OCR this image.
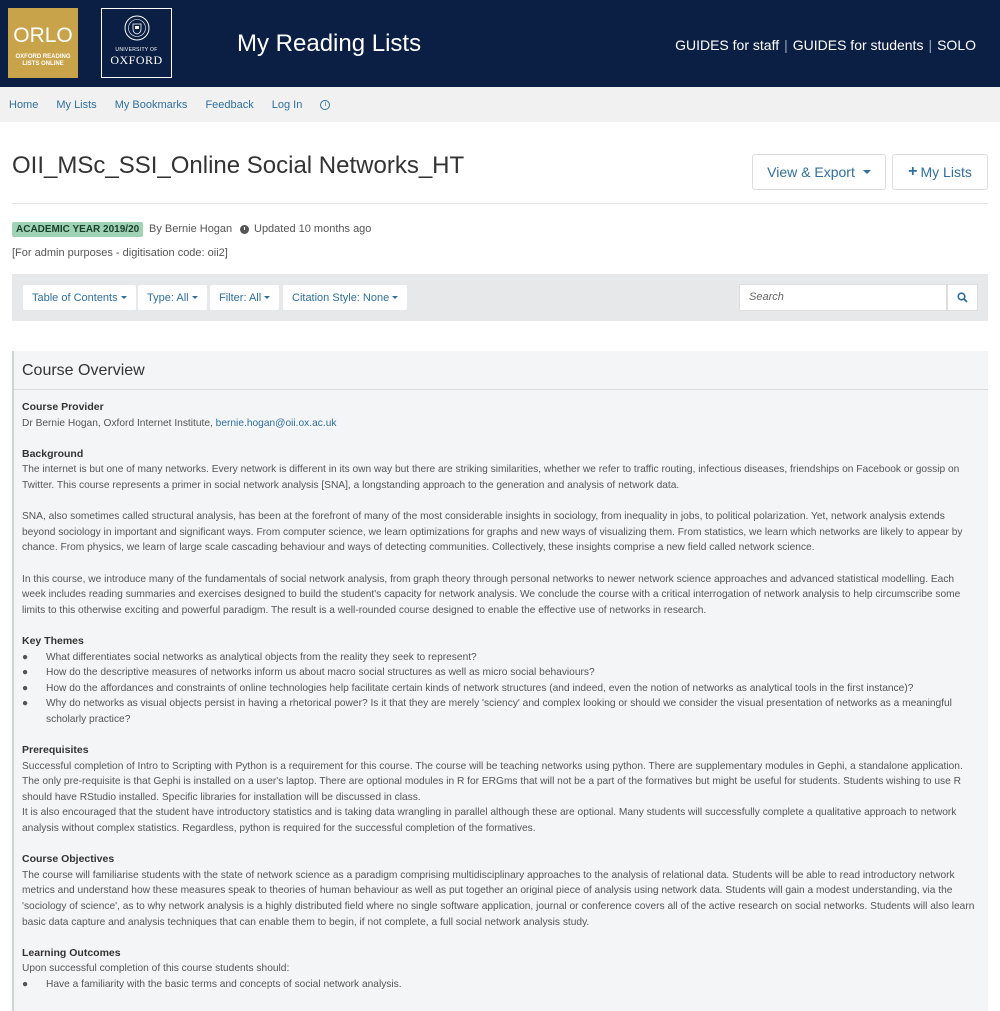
ORLO
OXFORD READING
LISTS ONLINE
UNIVERSITY OF
OXFORD
My Reading Lists	GUIDES for staff | GUIDES for students | SOLO
Home My Lists My Bookmarks Feedback Log In	i
OII_MSc_SSI_Online Social Networks_HT	View & Export	+ My Lists
ACADEMIC YEAR 2019/20 By Bernie Hogan Updated 10 months ago
[For admin purposes - digitisation code: oii2]
Table of Contents	Type: All	Filter: All	Citation Style: None	Search
Course Overview
Course Provider

Dr Bernie Hogan, Oxford Internet Institute, bernie.hogan@oii.ox.ac.uk

Background

The internet is but one of many networks. Every network is different in its own way but there are striking similarities, whether we refer to traffic routing, infectious diseases, friendships on Facebook or gossip on Twitter. This course represents a primer in social network analysis [SNA], a longstanding approach to the generation and analysis of network data.

SNA, also sometimes called structural analysis, has been at the forefront of many of the most considerable insights in sociology, from inequality in jobs, to political polarization. Yet, network analysis extends beyond sociology in important and significant ways. From computer science, we learn optimizations for graphs and new ways of visualizing them. From statistics, we learn which networks are likely to appear by chance. From physics, we learn of large scale cascading behaviour and ways of detecting communities. Collectively, these insights comprise a new field called network science.

In this course, we introduce many of the fundamentals of social network analysis, from graph theory through personal networks to newer network science approaches and advanced statistical modelling. Each week includes reading summaries and exercises designed to build the student's capacity for network analysis. We conclude the course with a critical interrogation of network analysis to help circumscribe some limits to this otherwise exciting and powerful paradigm. The result is a well-rounded course designed to enable the effective use of networks in research.

Key Themes
●	What differentiates social networks as analytical objects from the reality they seek to represent?
●	How do the descriptive measures of networks inform us about macro social structures as well as micro social behaviours?
●	How do the affordances and constraints of online technologies help facilitate certain kinds of network structures (and indeed, even the notion of networks as analytical tools in the first instance)?
●	Why do networks as visual objects persist in having a rhetorical power? Is it that they are merely 'sciency' and complex looking or should we consider the visual presentation of networks as a meaningful scholarly practice?
Prerequisites

Successful completion of Intro to Scripting with Python is a requirement for this course. The course will be teaching networks using python. There are supplementary modules in Gephi, a standalone application. The only pre-requisite is that Gephi is installed on a user's laptop. There are optional modules in R for ERGms that will not be a part of the formatives but might be useful for students. Students wishing to use R should have RStudio installed. Specific libraries for installation will be discussed in class.

It is also encouraged that the student have introductory statistics and is taking data wrangling in parallel although these are optional. Many students will successfully complete a qualitative approach to network analysis without complex statistics. Regardless, python is required for the successful completion of the formatives.

Course Objectives

The course will familiarise students with the state of network science as a paradigm comprising multidisciplinary approaches to the analysis of relational data. Students will be able to read introductory network metrics and understand how these measures speak to theories of human behaviour as well as put together an original piece of analysis using network data. Students will gain a modest understanding, via the 'sociology of science', as to why network analysis is a highly distributed field where no single software application, journal or conference covers all of the active research on social networks. Students will also learn basic data capture and analysis techniques that can enable them to begin, if not complete, a full social network analysis study.

Learning Outcomes

Upon successful completion of this course students should:

●	Have a familiarity with the basic terms and concepts of social network analysis.
